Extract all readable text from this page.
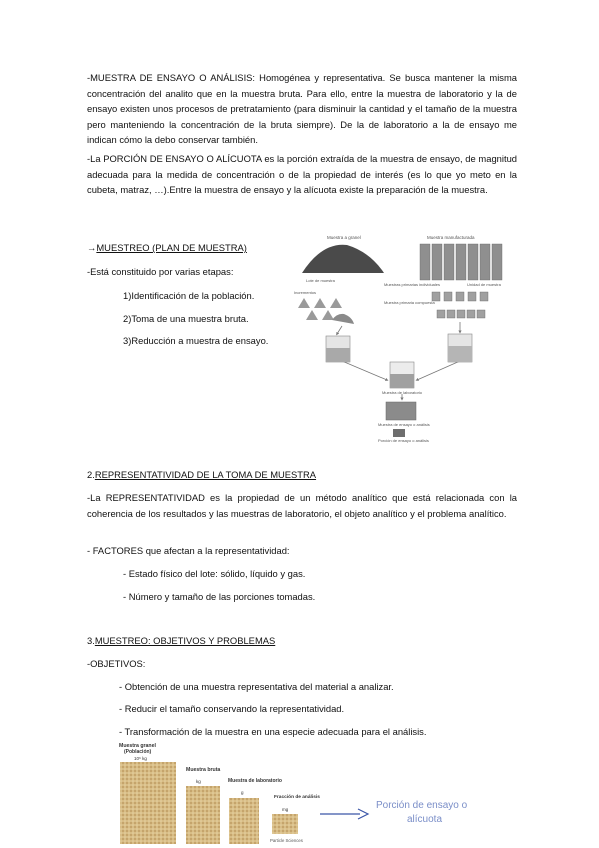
-MUESTRA DE ENSAYO O ANÁLISIS: Homogénea y representativa. Se busca mantener la misma concentración del analito que en la muestra bruta. Para ello, entre la muestra de laboratorio y la de ensayo existen unos procesos de pretratamiento (para disminuir la cantidad y el tamaño de la muestra pero manteniendo la concentración de la bruta siempre). De la de laboratorio a la de ensayo me indican cómo la debo conservar también.
-La PORCIÓN DE ENSAYO O ALÍCUOTA es la porción extraída de la muestra de ensayo, de magnitud adecuada para la medida de concentración o de la propiedad de interés (es lo que yo meto en la cubeta, matraz, …).Entre la muestra de ensayo y la alícuota existe la preparación de la muestra.
→MUESTREO (PLAN DE MUESTRA)
-Está constituido por varias etapas:
1)Identificación de la población.
2)Toma de una muestra bruta.
3)Reducción a muestra de ensayo.
Muestra a granel
Lote de muestra
Incrementos
Muestra manufacturada
Muestras primarias individuales	Unidad de muestra
Muestra primaria compuesta
Muestra de laboratorio
Muestra de ensayo o análisis
Porción de ensayo o análisis
2.REPRESENTATIVIDAD DE LA TOMA DE MUESTRA
-La REPRESENTATIVIDAD es la propiedad de un método analítico que está relacionada con la coherencia de los resultados y las muestras de laboratorio, el objeto analítico y el problema analítico.
- FACTORES que afectan a la representatividad:
- Estado físico del lote: sólido, líquido y gas.
- Número y tamaño de las porciones tomadas.
3.MUESTREO: OBJETIVOS Y PROBLEMAS
-OBJETIVOS:
- Obtención de una muestra representativa del material a analizar.
- Reducir el tamaño conservando la representatividad.
- Transformación de la muestra en una especie adecuada para el análisis.
Muestra granel
(Población)
10⁶ kg
Muestra bruta
kg	Muestra de laboratorio
g
Fracción de análisis
mg
Particle Sciences
Porción de ensayo o
alícuota
